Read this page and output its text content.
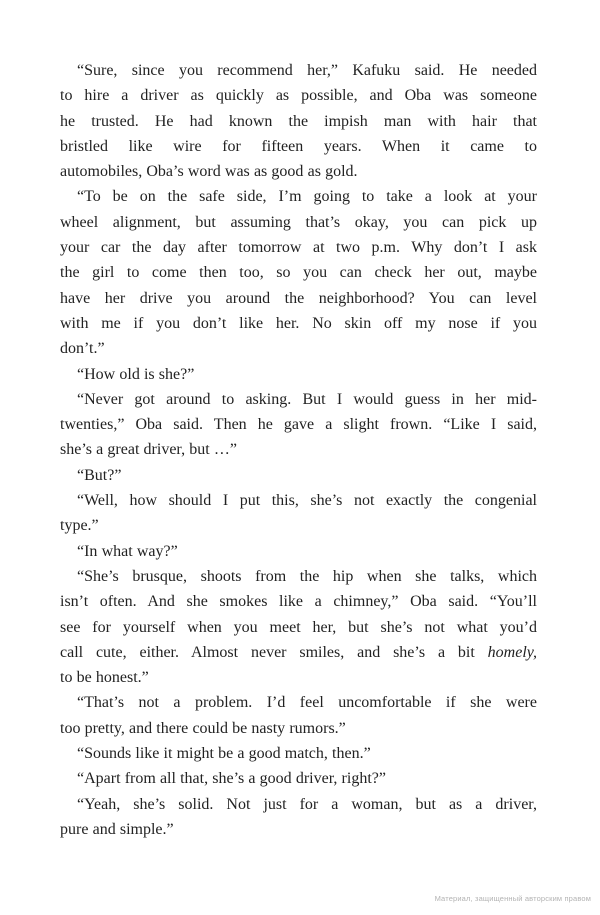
“Sure, since you recommend her,” Kafuku said. He needed
to hire a driver as quickly as possible, and Oba was someone
he trusted. He had known the impish man with hair that
bristled like wire for fifteen years. When it came to
automobiles, Oba’s word was as good as gold.
“To be on the safe side, I’m going to take a look at your
wheel alignment, but assuming that’s okay, you can pick up
your car the day after tomorrow at two p.m. Why don’t I ask
the girl to come then too, so you can check her out, maybe
have her drive you around the neighborhood? You can level
with me if you don’t like her. No skin off my nose if you
don’t.”
“How old is she?”
“Never got around to asking. But I would guess in her mid-
twenties,” Oba said. Then he gave a slight frown. “Like I said,
she’s a great driver, but …”
“But?”
“Well, how should I put this, she’s not exactly the congenial
type.”
“In what way?”
“She’s brusque, shoots from the hip when she talks, which
isn’t often. And she smokes like a chimney,” Oba said. “You’ll
see for yourself when you meet her, but she’s not what you’d
call cute, either. Almost never smiles, and she’s a bit homely,
to be honest.”
“That’s not a problem. I’d feel uncomfortable if she were
too pretty, and there could be nasty rumors.”
“Sounds like it might be a good match, then.”
“Apart from all that, she’s a good driver, right?”
“Yeah, she’s solid. Not just for a woman, but as a driver,
pure and simple.”
Материал, защищенный авторским правом
